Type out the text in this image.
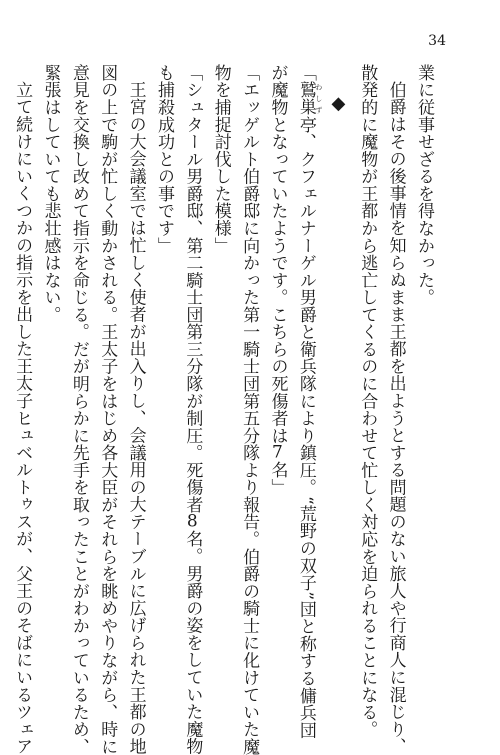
34
業に従事せざるを得なかった。
伯爵はその後事情を知らぬまま王都を出ようとする問題のない旅人や行商人に混じり、
散発的に魔物が王都から逃亡してくるのに合わせて忙しく対応を迫られることになる。
◆
「鷲巣 わしず亭、クフェルナーゲル男爵と衛兵隊により鎮圧。“荒野の双子”団と称する傭兵団
が魔物となっていたようです。こちらの死傷者は7名」
「エッゲルト伯爵邸に向かった第一騎士団第五分隊より報告。伯爵の騎士に化けていた魔
物を捕捉討伐した模様」
「シュタール男爵邸、第二騎士団第三分隊が制圧。死傷者8名。男爵の姿をしていた魔物
も捕殺成功との事です」
王宮の大会議室では忙しく使者が出入りし、会議用の大テーブルに広げられた王都の地
図の上で駒が忙しく動かされる。王太子をはじめ各大臣がそれらを眺めやりながら、時に
意見を交換し改めて指示を命じる。だが明らかに先手を取ったことがわかっているため、
緊張はしていても悲壮感はない。
立て続けにいくつかの指示を出した王太子ヒュベルトゥスが、父王のそばにいるツェア
